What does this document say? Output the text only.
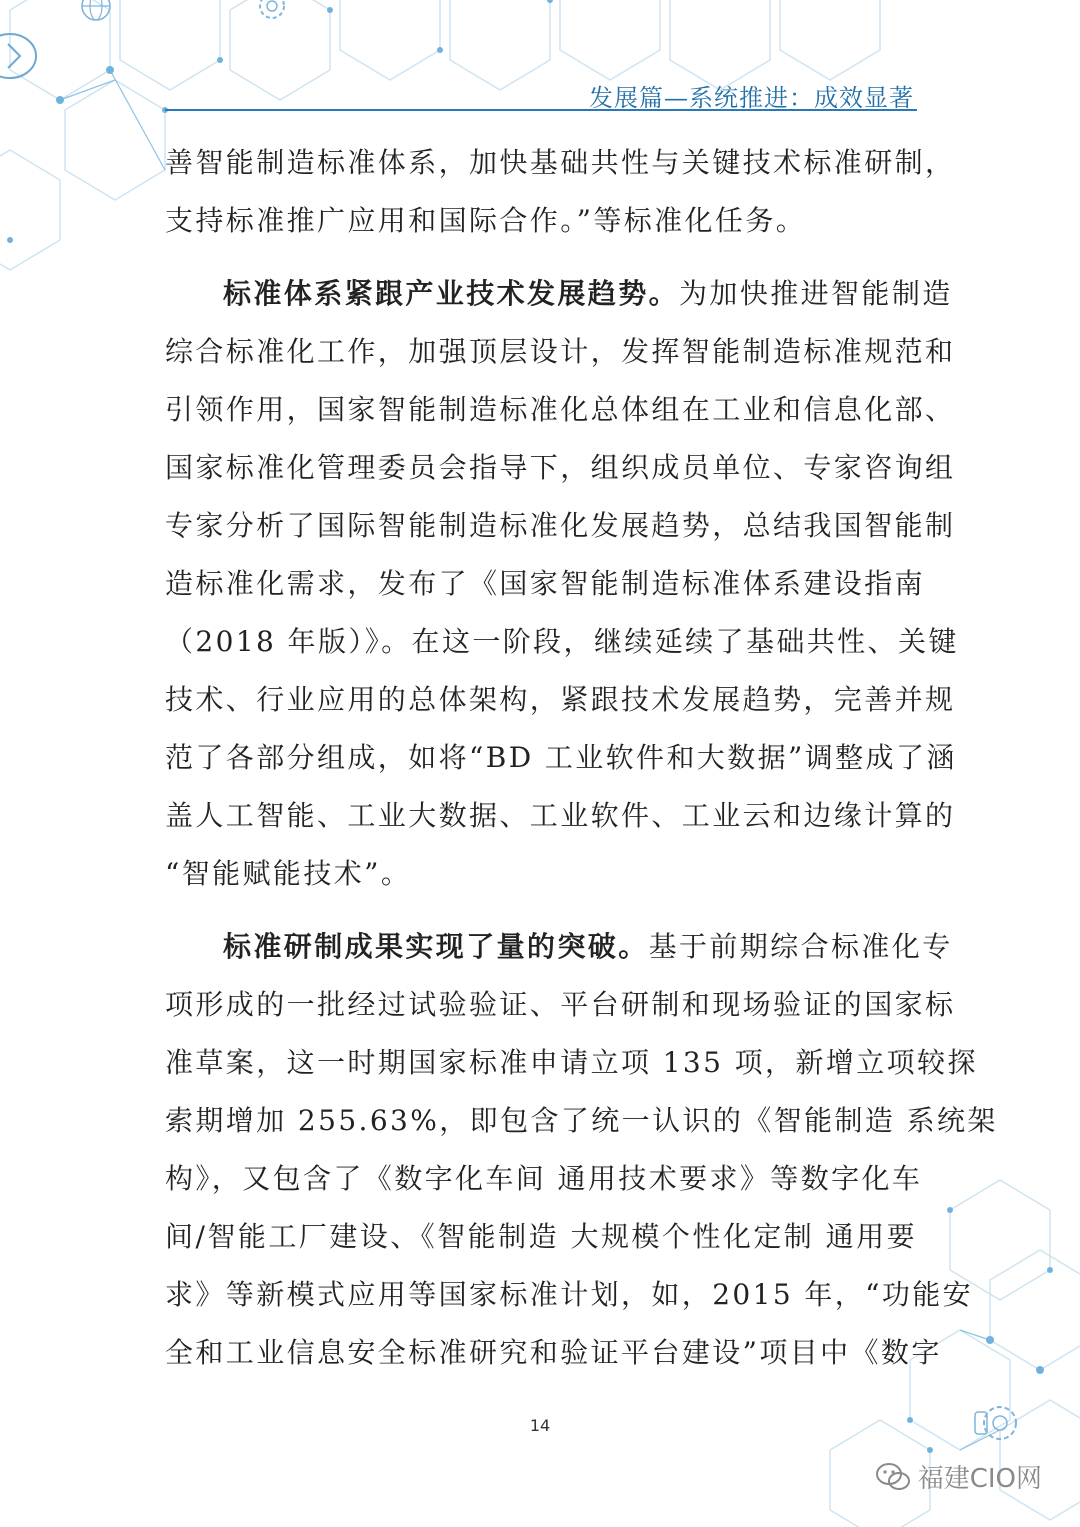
发展篇—系统推进：成效显著

善智能制造标准体系，加快基础共性与关键技术标准研制，
支持标准推广应用和国际合作。”等标准化任务。

标准体系紧跟产业技术发展趋势。为加快推进智能制造
综合标准化工作，加强顶层设计，发挥智能制造标准规范和
引领作用，国家智能制造标准化总体组在工业和信息化部、
国家标准化管理委员会指导下，组织成员单位、专家咨询组
专家分析了国际智能制造标准化发展趋势，总结我国智能制
造标准化需求，发布了《国家智能制造标准体系建设指南
（2018 年版）》。在这一阶段，继续延续了基础共性、关键
技术、行业应用的总体架构，紧跟技术发展趋势，完善并规
范了各部分组成，如将“BD 工业软件和大数据”调整成了涵
盖人工智能、工业大数据、工业软件、工业云和边缘计算的
“智能赋能技术”。

标准研制成果实现了量的突破。基于前期综合标准化专
项形成的一批经过试验验证、平台研制和现场验证的国家标
准草案，这一时期国家标准申请立项 135 项，新增立项较探
索期增加 255.63%，即包含了统一认识的《智能制造 系统架
构》，又包含了《数字化车间 通用技术要求》等数字化车
间/智能工厂建设、《智能制造 大规模个性化定制 通用要
求》等新模式应用等国家标准计划，如，2015 年，“功能安
全和工业信息安全标准研究和验证平台建设”项目中《数字

14
福建CIO网
